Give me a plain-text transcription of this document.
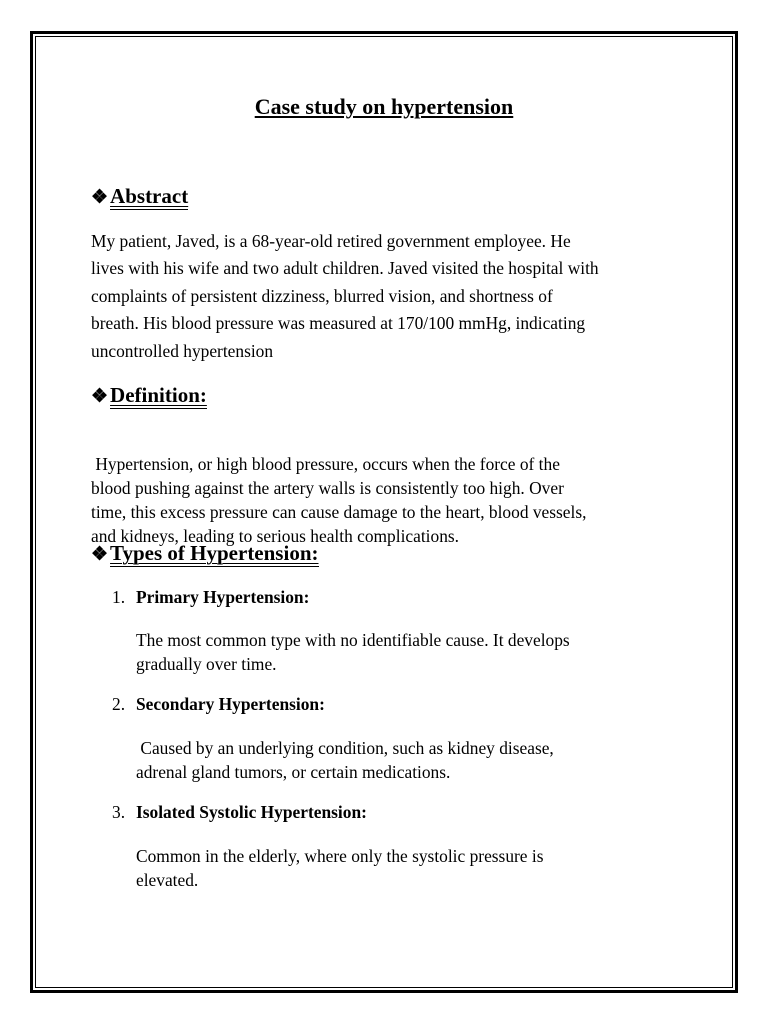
Case study on hypertension
❖Abstract

My patient, Javed, is a 68-year-old retired government employee. He
lives with his wife and two adult children. Javed visited the hospital with
complaints of persistent dizziness, blurred vision, and shortness of
breath. His blood pressure was measured at 170/100 mmHg, indicating
uncontrolled hypertension

❖Definition:

Hypertension, or high blood pressure, occurs when the force of the
blood pushing against the artery walls is consistently too high. Over
time, this excess pressure can cause damage to the heart, blood vessels,
and kidneys, leading to serious health complications.

❖Types of Hypertension:
1. Primary Hypertension:

The most common type with no identifiable cause. It develops
gradually over time.

2. Secondary Hypertension:

Caused by an underlying condition, such as kidney disease,
adrenal gland tumors, or certain medications.

3. Isolated Systolic Hypertension:

Common in the elderly, where only the systolic pressure is
elevated.
